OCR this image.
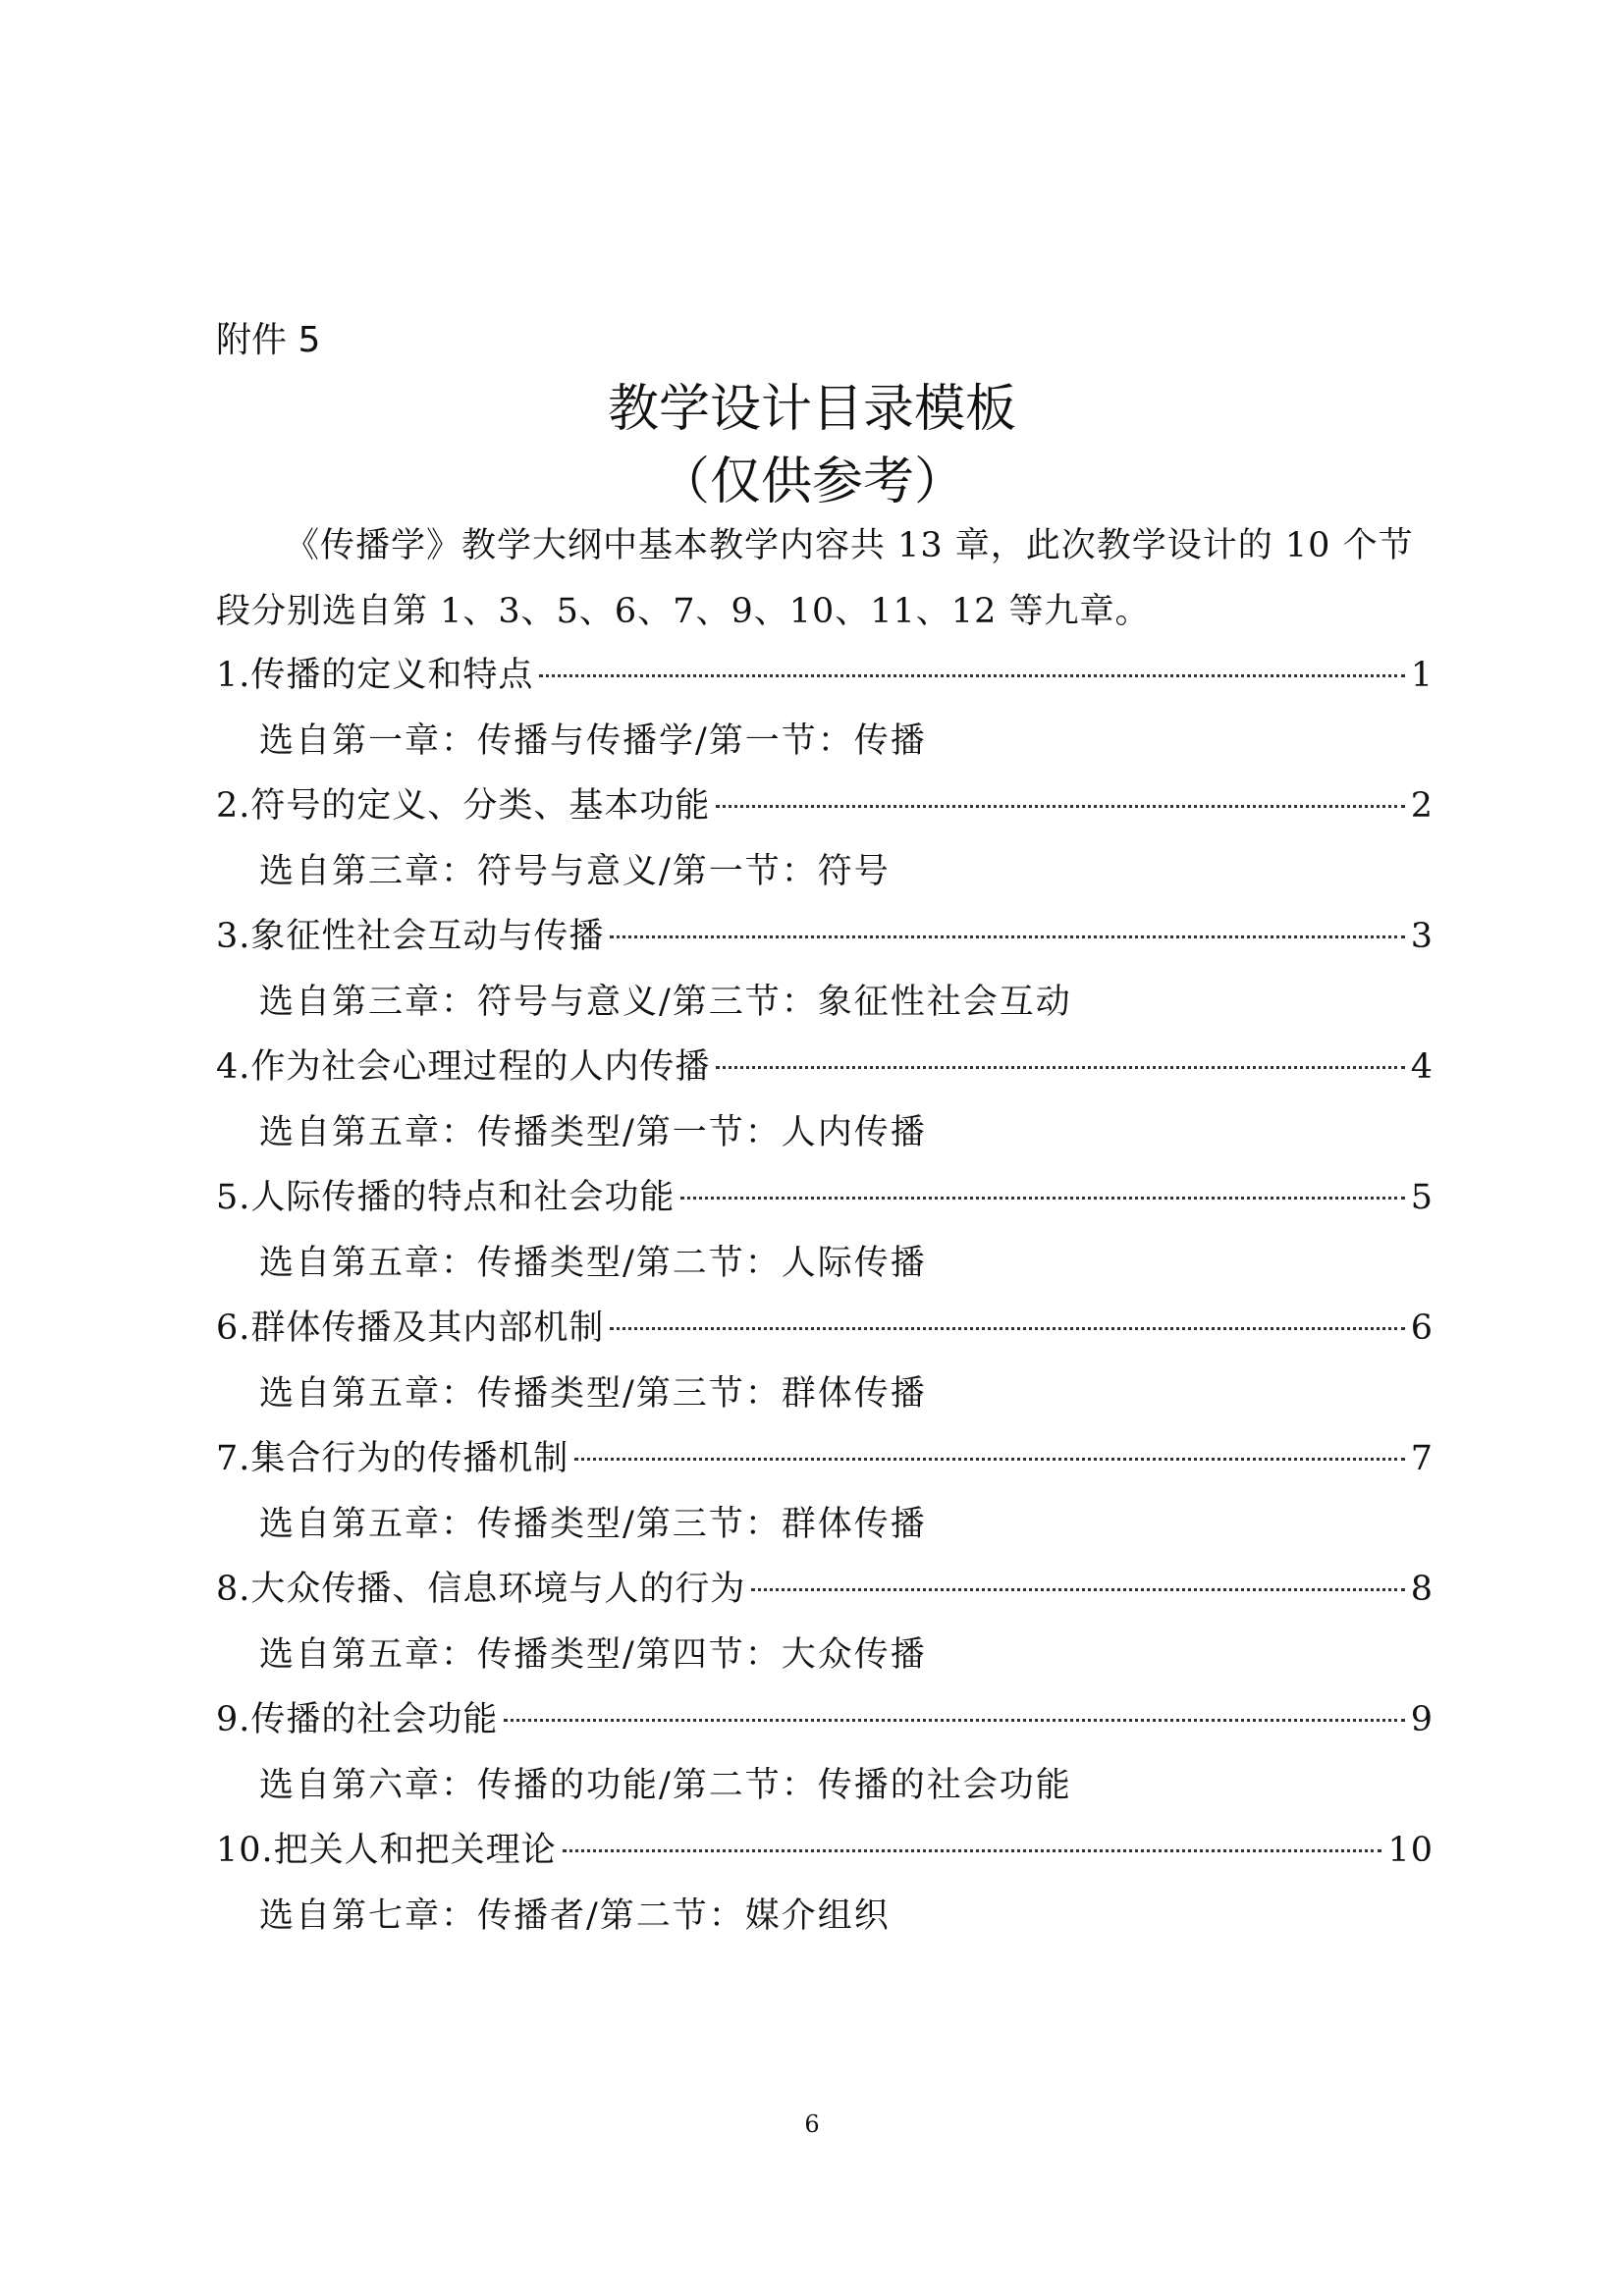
附件 5
教学设计目录模板
（仅供参考）
《传播学》教学大纲中基本教学内容共 13 章，此次教学设计的 10 个节段分别选自第 1、3、5、6、7、9、10、11、12 等九章。
1.传播的定义和特点	1
选自第一章：传播与传播学/第一节：传播
2.符号的定义、分类、基本功能	2
选自第三章：符号与意义/第一节：符号
3.象征性社会互动与传播	3
选自第三章：符号与意义/第三节：象征性社会互动
4.作为社会心理过程的人内传播	4
选自第五章：传播类型/第一节：人内传播
5.人际传播的特点和社会功能	5
选自第五章：传播类型/第二节：人际传播
6.群体传播及其内部机制	6
选自第五章：传播类型/第三节：群体传播
7.集合行为的传播机制	7
选自第五章：传播类型/第三节：群体传播
8.大众传播、信息环境与人的行为	8
选自第五章：传播类型/第四节：大众传播
9.传播的社会功能	9
选自第六章：传播的功能/第二节：传播的社会功能
10.把关人和把关理论	10
选自第七章：传播者/第二节：媒介组织
6
